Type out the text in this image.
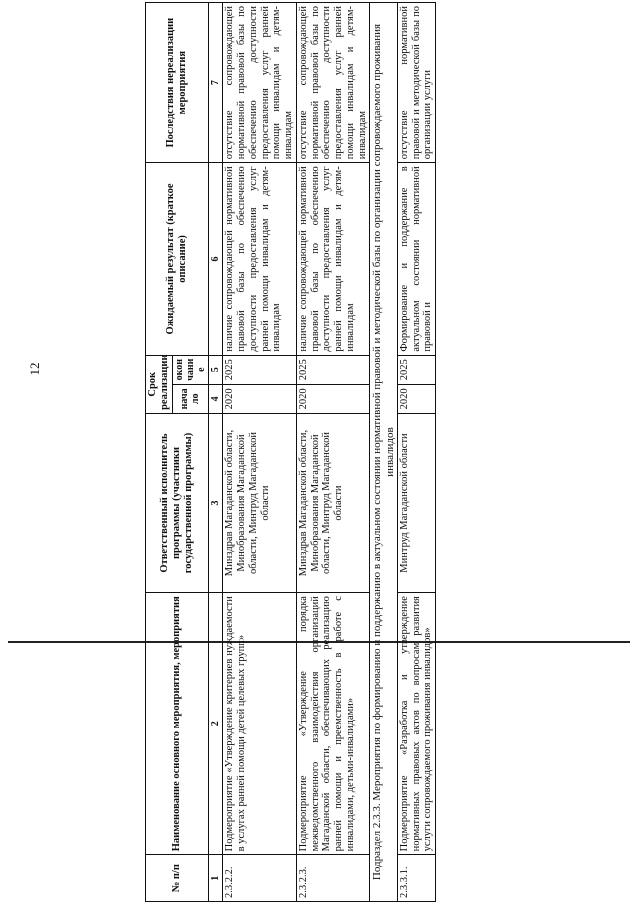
12
№ п/п	Наименование основного мероприятия, мероприятия	Ответственный исполнитель программы (участники государственной программы)	Срок реализации		Ожидаемый результат (краткое описание)	Последствия нереализации мероприятия
			нача ло	окон чани е		
1	2	3	4	5	6	7
2.3.2.2.	Подмероприятие «Утверждение критериев нуждаемости в услугах ранней помощи детей целевых групп»	Минздрав Магаданской области, Минобразования Магаданской области, Минтруд Магаданской области	2020	2025	наличие сопровождающей нормативной правовой базы по обеспечению доступности предоставления услуг ранней помощи инвалидам и детям-инвалидам	отсутствие сопровождающей нормативной правовой базы по обеспечению доступности предоставления услуг ранней помощи инвалидам и детям-инвалидам
2.3.2.3.	Подмероприятие «Утверждение порядка межведомственного взаимодействия организаций Магаданской области, обеспечивающих реализацию ранней помощи и преемственность в работе с инвалидами, детьми-инвалидами»	Минздрав Магаданской области, Минобразования Магаданской области, Минтруд Магаданской области	2020	2025	наличие сопровождающей нормативной правовой базы по обеспечению доступности предоставления услуг ранней помощи инвалидам и детям-инвалидам	отсутствие сопровождающей нормативной правовой базы по обеспечению доступности предоставления услуг ранней помощи инвалидам и детям-инвалидам
Подраздел 2.3.3. Мероприятия по формированию и поддержанию в актуальном состоянии нормативной правовой и методической базы по организации сопровождаемого проживания инвалидов						
2.3.3.1.	Подмероприятие «Разработка и утверждение нормативных правовых актов по вопросам развития услуги сопровождаемого проживания инвалидов»	Минтруд Магаданской области	2020	2025	Формирование и поддержание в актуальном состоянии нормативной правовой и	отсутствие нормативной правовой и методической базы по организации услуги
